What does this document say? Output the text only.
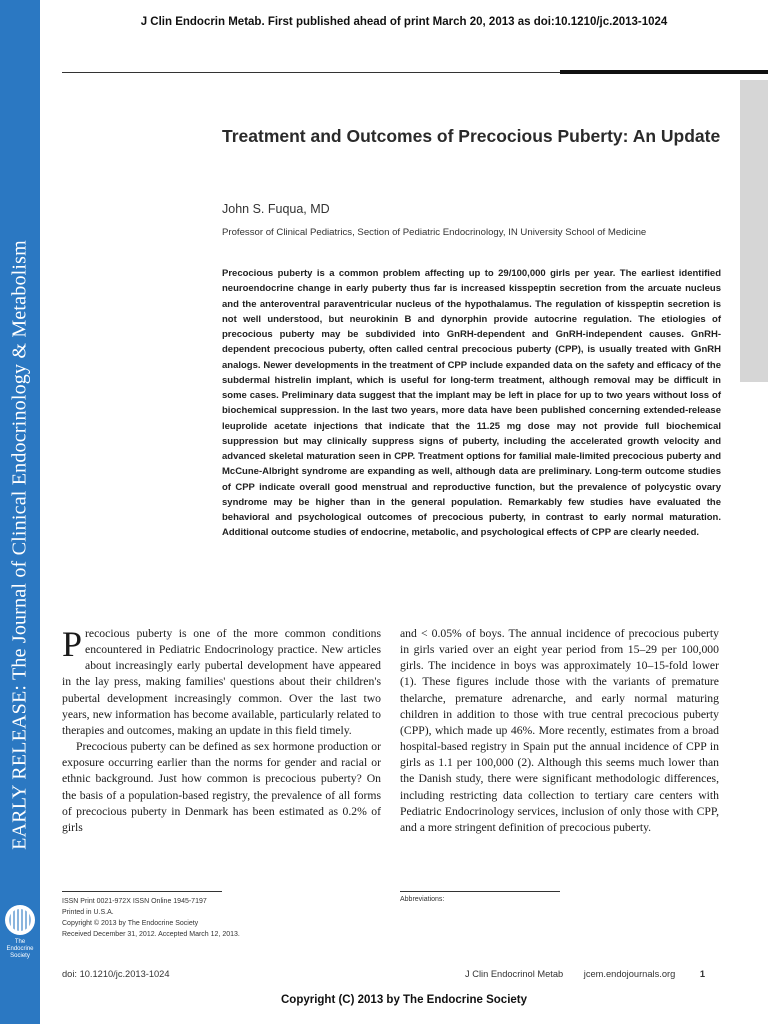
EARLY RELEASE: The Journal of Clinical Endocrinology & Metabolism
The
Endocrine
Society
J Clin Endocrin Metab. First published ahead of print March 20, 2013 as doi:10.1210/jc.2013-1024
Treatment and Outcomes of Precocious Puberty: An Update

John S. Fuqua, MD

Professor of Clinical Pediatrics, Section of Pediatric Endocrinology, IN University School of Medicine

Precocious puberty is a common problem affecting up to 29/100,000 girls per year. The earliest identified neuroendocrine change in early puberty thus far is increased kisspeptin secretion from the arcuate nucleus and the anteroventral paraventricular nucleus of the hypothalamus. The regulation of kisspeptin secretion is not well understood, but neurokinin B and dynorphin provide autocrine regulation. The etiologies of precocious puberty may be subdivided into GnRH-dependent and GnRH-independent causes. GnRH-dependent precocious puberty, often called central precocious puberty (CPP), is usually treated with GnRH analogs. Newer developments in the treatment of CPP include expanded data on the safety and efficacy of the subdermal histrelin implant, which is useful for long-term treatment, although removal may be difficult in some cases. Preliminary data suggest that the implant may be left in place for up to two years without loss of biochemical suppression. In the last two years, more data have been published concerning extended-release leuprolide acetate injections that indicate that the 11.25 mg dose may not provide full biochemical suppression but may clinically suppress signs of puberty, including the accelerated growth velocity and advanced skeletal maturation seen in CPP. Treatment options for familial male-limited precocious puberty and McCune-Albright syndrome are expanding as well, although data are preliminary. Long-term outcome studies of CPP indicate overall good menstrual and reproductive function, but the prevalence of polycystic ovary syndrome may be higher than in the general population. Remarkably few studies have evaluated the behavioral and psychological outcomes of precocious puberty, in contrast to early normal maturation. Additional outcome studies of endocrine, metabolic, and psychological effects of CPP are clearly needed.

Precocious puberty is one of the more common conditions encountered in Pediatric Endocrinology practice. New articles about increasingly early pubertal development have appeared in the lay press, making families' questions about their children's pubertal development increasingly common. Over the last two years, new information has become available, particularly related to therapies and outcomes, making an update in this field timely.

Precocious puberty can be defined as sex hormone production or exposure occurring earlier than the norms for gender and racial or ethnic background. Just how common is precocious puberty? On the basis of a population-based registry, the prevalence of all forms of precocious puberty in Denmark has been estimated as 0.2% of girls

and < 0.05% of boys. The annual incidence of precocious puberty in girls varied over an eight year period from 15–29 per 100,000 girls. The incidence in boys was approximately 10–15-fold lower (1). These figures include those with the variants of premature thelarche, premature adrenarche, and early normal maturing children in addition to those with true central precocious puberty (CPP), which made up 46%. More recently, estimates from a broad hospital-based registry in Spain put the annual incidence of CPP in girls as 1.1 per 100,000 (2). Although this seems much lower than the Danish study, there were significant methodologic differences, including restricting data collection to tertiary care centers with Pediatric Endocrinology services, inclusion of only those with CPP, and a more stringent definition of precocious puberty.

ISSN Print 0021-972X ISSN Online 1945-7197
Printed in U.S.A.
Copyright © 2013 by The Endocrine Society
Received December 31, 2012. Accepted March 12, 2013.
Abbreviations:
doi: 10.1210/jc.2013-1024	J Clin Endocrinol Metab jcem.endojournals.org	1
Copyright (C) 2013 by The Endocrine Society
